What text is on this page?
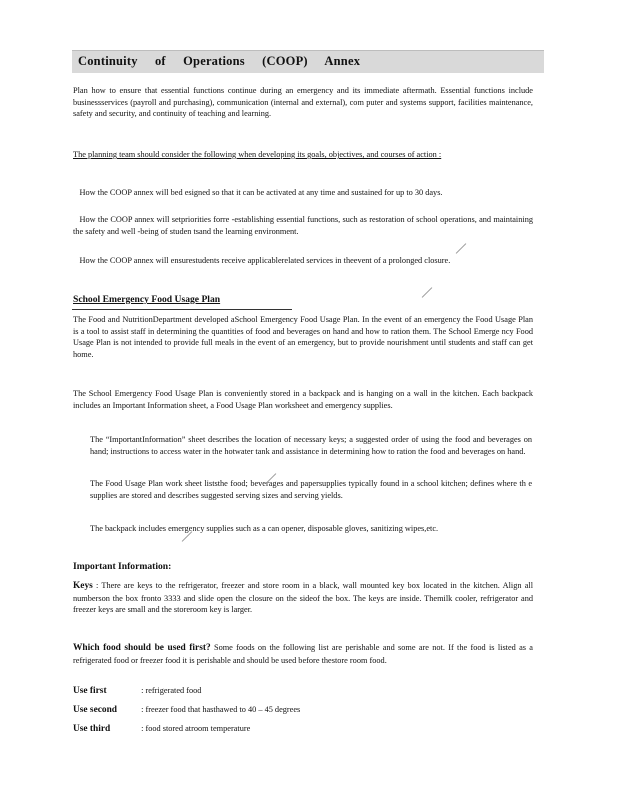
Continuity of Operations (COOP) Annex
Plan how to ensure that essential functions continue during an emergency and its immediate aftermath. Essential functions include businessservices (payroll and purchasing), communication (internal and external), com puter and systems support, facilities maintenance, safety and security, and continuity of teaching and learning.
The planning team should consider the following when developing its goals, objectives, and courses of action :
How the COOP annex will bed esigned so that it can be activated at any time and sustained for up to 30 days.
How the COOP annex will setpriorities forre -establishing essential functions, such as restoration of school operations, and maintaining the safety and well -being of studen tsand the learning environment.
How the COOP annex will ensurestudents receive applicablerelated services in theevent of a prolonged closure.
School Emergency Food Usage Plan
The Food and NutritionDepartment developed aSchool Emergency Food Usage Plan. In the event of an emergency the Food Usage Plan is a tool to assist staff in determining the quantities of food and beverages on hand and how to ration them. The School Emerge ncy Food Usage Plan is not intended to provide full meals in the event of an emergency, but to provide nourishment until students and staff can get home.
The School Emergency Food Usage Plan is conveniently stored in a backpack and is hanging on a wall in the kitchen. Each backpack includes an Important Information sheet, a Food Usage Plan worksheet and emergency supplies.
The “ImportantInformation” sheet describes the location of necessary keys; a suggested order of using the food and beverages on hand; instructions to access water in the hotwater tank and assistance in determining how to ration the food and beverages on hand.
The Food Usage Plan work sheet liststhe food; beverages and papersupplies typically found in a school kitchen; defines where th e supplies are stored and describes suggested serving sizes and serving yields.
The backpack includes emergency supplies such as a can opener, disposable gloves, sanitizing wipes,etc.
Important Information:
Keys : There are keys to the refrigerator, freezer and store room in a black, wall mounted key box located in the kitchen. Align all numberson the box fronto 3333 and slide open the closure on the sideof the box. The keys are inside. Themilk cooler, refrigerator and freezer keys are small and the storeroom key is larger.
Which food should be used first? Some foods on the following list are perishable and some are not. If the food is listed as a refrigerated food or freezer food it is perishable and should be used before thestore room food.
Use first	: refrigerated food
Use second	: freezer food that hasthawed to 40 – 45 degrees
Use third	: food stored atroom temperature
